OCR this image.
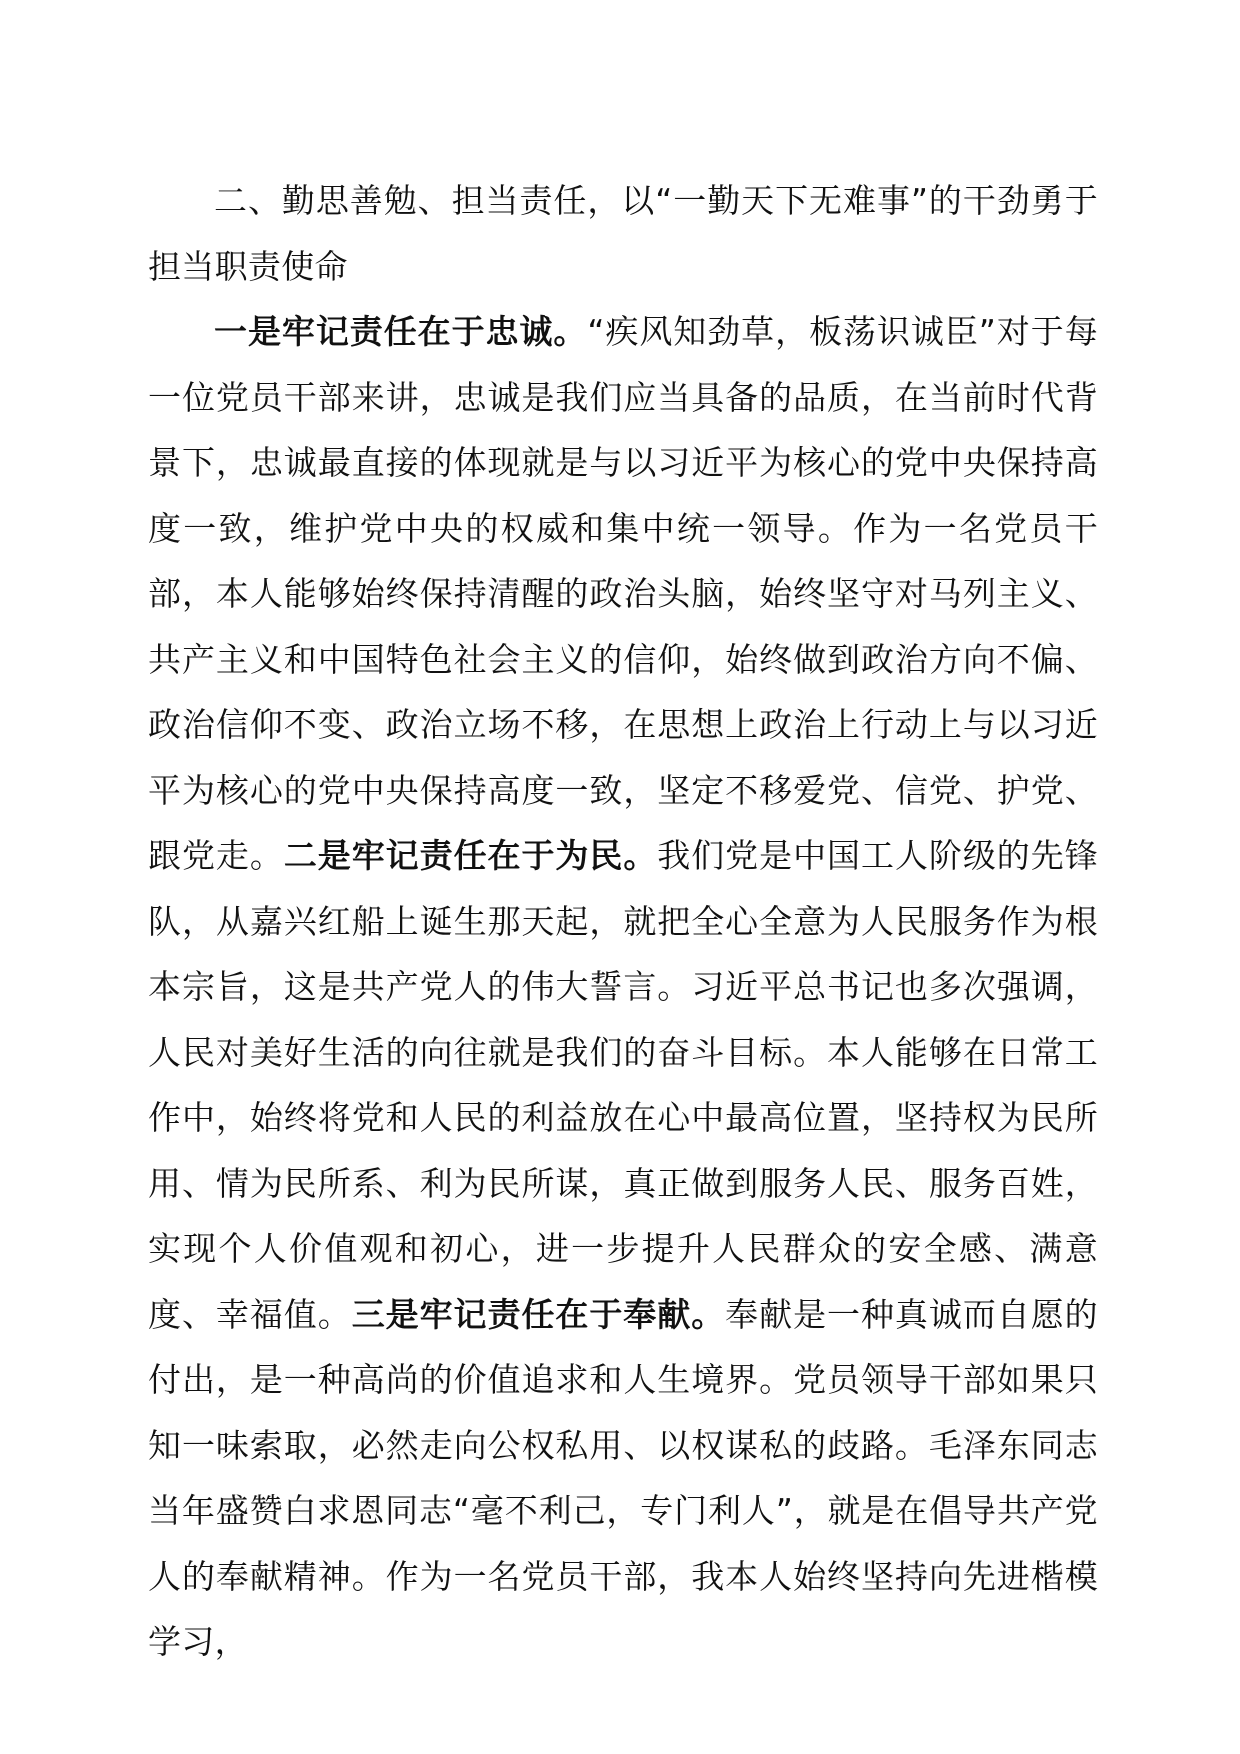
二、勤思善勉、担当责任，以“一勤天下无难事”的干劲勇于担当职责使命

一是牢记责任在于忠诚。“疾风知劲草，板荡识诚臣”对于每一位党员干部来讲，忠诚是我们应当具备的品质，在当前时代背景下，忠诚最直接的体现就是与以习近平为核心的党中央保持高度一致，维护党中央的权威和集中统一领导。作为一名党员干部，本人能够始终保持清醒的政治头脑，始终坚守对马列主义、共产主义和中国特色社会主义的信仰，始终做到政治方向不偏、政治信仰不变、政治立场不移，在思想上政治上行动上与以习近平为核心的党中央保持高度一致，坚定不移爱党、信党、护党、跟党走。二是牢记责任在于为民。我们党是中国工人阶级的先锋队，从嘉兴红船上诞生那天起，就把全心全意为人民服务作为根本宗旨，这是共产党人的伟大誓言。习近平总书记也多次强调，人民对美好生活的向往就是我们的奋斗目标。本人能够在日常工作中，始终将党和人民的利益放在心中最高位置，坚持权为民所用、情为民所系、利为民所谋，真正做到服务人民、服务百姓，实现个人价值观和初心，进一步提升人民群众的安全感、满意度、幸福值。三是牢记责任在于奉献。奉献是一种真诚而自愿的付出，是一种高尚的价值追求和人生境界。党员领导干部如果只知一味索取，必然走向公权私用、以权谋私的歧路。毛泽东同志当年盛赞白求恩同志“毫不利己，专门利人”，就是在倡导共产党人的奉献精神。作为一名党员干部，我本人始终坚持向先进楷模学习，
